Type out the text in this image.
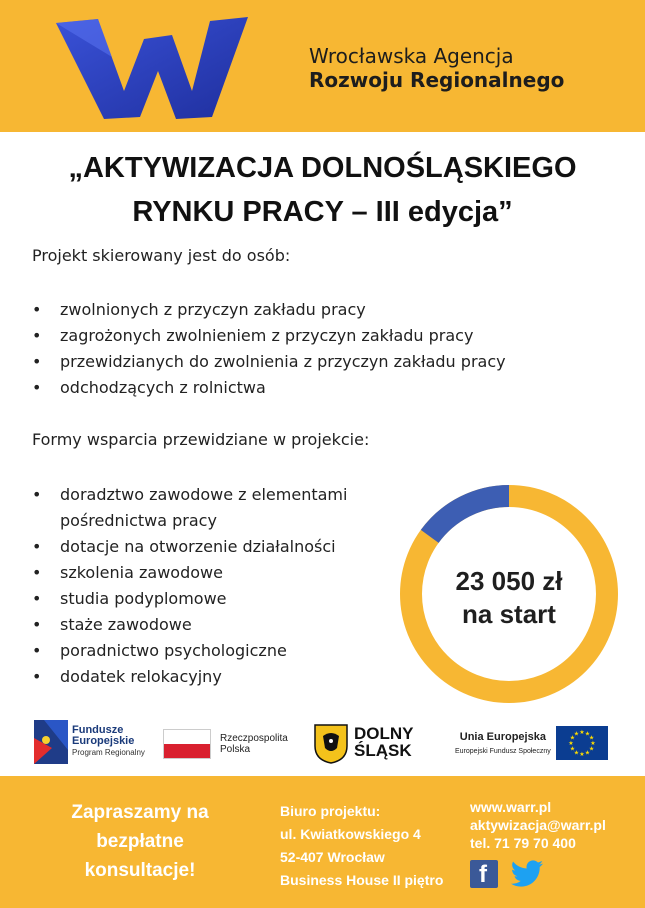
Wrocławska Agencja
Rozwoju Regionalnego
„AKTYWIZACJA DOLNOŚLĄSKIEGO
RYNKU PRACY – III edycja”
Projekt skierowany jest do osób:
• zwolnionych z przyczyn zakładu pracy
• zagrożonych zwolnieniem z przyczyn zakładu pracy
• przewidzianych do zwolnienia z przyczyn zakładu pracy
• odchodzących z rolnictwa
Formy wsparcia przewidziane w projekcie:
• doradztwo zawodowe z elementami pośrednictwa pracy
• dotacje na otworzenie działalności
• szkolenia zawodowe
• studia podyplomowe
• staże zawodowe
• poradnictwo psychologiczne
• dodatek relokacyjny
23 050 zł
na start
Fundusze
Europejskie
Program Regionalny
Rzeczpospolita
Polska
DOLNY
ŚLĄSK
Unia Europejska
Europejski Fundusz Społeczny
★
★
★
★
★
★
★
★
★ ★ ★
★
Zapraszamy na bezpłatne konsultacje!
Biuro projektu:
ul. Kwiatkowskiego 4
52-407 Wrocław
Business House II piętro
www.warr.pl
aktywizacja@warr.pl
tel. 71 79 70 400
f
